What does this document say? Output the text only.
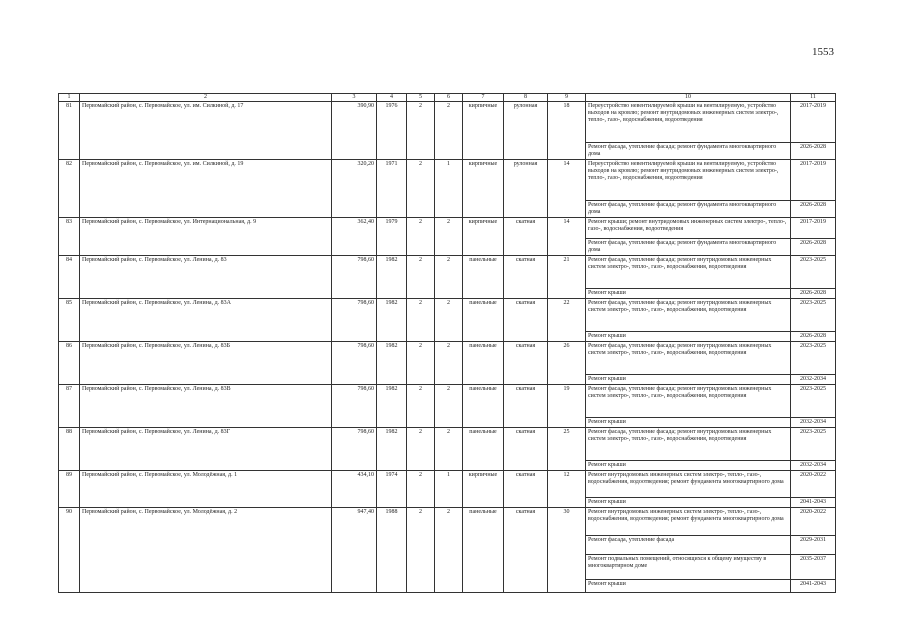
1553
1	2	3	4	5	6	7	8	9	10	11
81	Первомайский район, с. Первомайское, ул. им. Силкиной, д. 17	390,90	1976	2	2	кирпичные	рулонная	18	Переустройство невентилируемой крыши на вентилируемую, устройство выходов на кровлю; ремонт внутридомовых инженерных систем электро-, тепло-, газо-, водоснабжения, водоотведения	2017-2019
									Ремонт фасада, утепление фасада; ремонт фундамента многоквартирного дома	2026-2028
82	Первомайский район, с. Первомайское, ул. им. Силкиной, д. 19	320,20	1971	2	1	кирпичные	рулонная	14	Переустройство невентилируемой крыши на вентилируемую, устройство выходов на кровлю; ремонт внутридомовых инженерных систем электро-, тепло-, газо-, водоснабжения, водоотведения	2017-2019
									Ремонт фасада, утепление фасада; ремонт фундамента многоквартирного дома	2026-2028
83	Первомайский район, с. Первомайское, ул. Интернациональная, д. 9	362,40	1979	2	2	кирпичные	скатная	14	Ремонт крыши; ремонт внутридомовых инженерных систем электро-, тепло-, газо-, водоснабжения, водоотведения	2017-2019
									Ремонт фасада, утепление фасада; ремонт фундамента многоквартирного дома	2026-2028
84	Первомайский район, с. Первомайское, ул. Ленина, д. 83	798,60	1982	2	2	панельные	скатная	21	Ремонт фасада, утепление фасада; ремонт внутридомовых инженерных систем электро-, тепло-, газо-, водоснабжения, водоотведения	2023-2025
									Ремонт крыши	2026-2028
85	Первомайский район, с. Первомайское, ул. Ленина, д. 83А	798,60	1982	2	2	панельные	скатная	22	Ремонт фасада, утепление фасада; ремонт внутридомовых инженерных систем электро-, тепло-, газо-, водоснабжения, водоотведения	2023-2025
									Ремонт крыши	2026-2028
86	Первомайский район, с. Первомайское, ул. Ленина, д. 83Б	798,60	1982	2	2	панельные	скатная	26	Ремонт фасада, утепление фасада; ремонт внутридомовых инженерных систем электро-, тепло-, газо-, водоснабжения, водоотведения	2023-2025
									Ремонт крыши	2032-2034
87	Первомайский район, с. Первомайское, ул. Ленина, д. 83В	798,60	1982	2	2	панельные	скатная	19	Ремонт фасада, утепление фасада; ремонт внутридомовых инженерных систем электро-, тепло-, газо-, водоснабжения, водоотведения	2023-2025
									Ремонт крыши	2032-2034
88	Первомайский район, с. Первомайское, ул. Ленина, д. 83Г	798,60	1982	2	2	панельные	скатная	25	Ремонт фасада, утепление фасада; ремонт внутридомовых инженерных систем электро-, тепло-, газо-, водоснабжения, водоотведения	2023-2025
									Ремонт крыши	2032-2034
89	Первомайский район, с. Первомайское, ул. Молодёжная, д. 1	434,10	1974	2	1	кирпичные	скатная	12	Ремонт внутридомовых инженерных систем электро-, тепло-, газо-, водоснабжения, водоотведения; ремонт фундамента многоквартирного дома	2020-2022
									Ремонт крыши	2041-2043
90	Первомайский район, с. Первомайское, ул. Молодёжная, д. 2	947,40	1988	2	2	панельные	скатная	30	Ремонт внутридомовых инженерных систем электро-, тепло-, газо-, водоснабжения, водоотведения; ремонт фундамента многоквартирного дома	2020-2022
									Ремонт фасада, утепление фасада	2029-2031
									Ремонт подвальных помещений, относящихся к общему имуществу в многоквартирном доме	2035-2037
									Ремонт крыши	2041-2043
